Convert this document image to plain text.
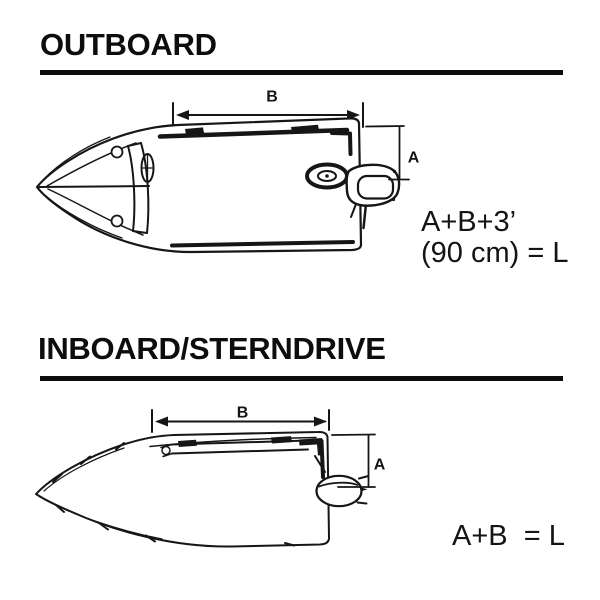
OUTBOARD
B
A
A+B+3’
(90 cm) = L
INBOARD/STERNDRIVE
B
A
A+B  = L
